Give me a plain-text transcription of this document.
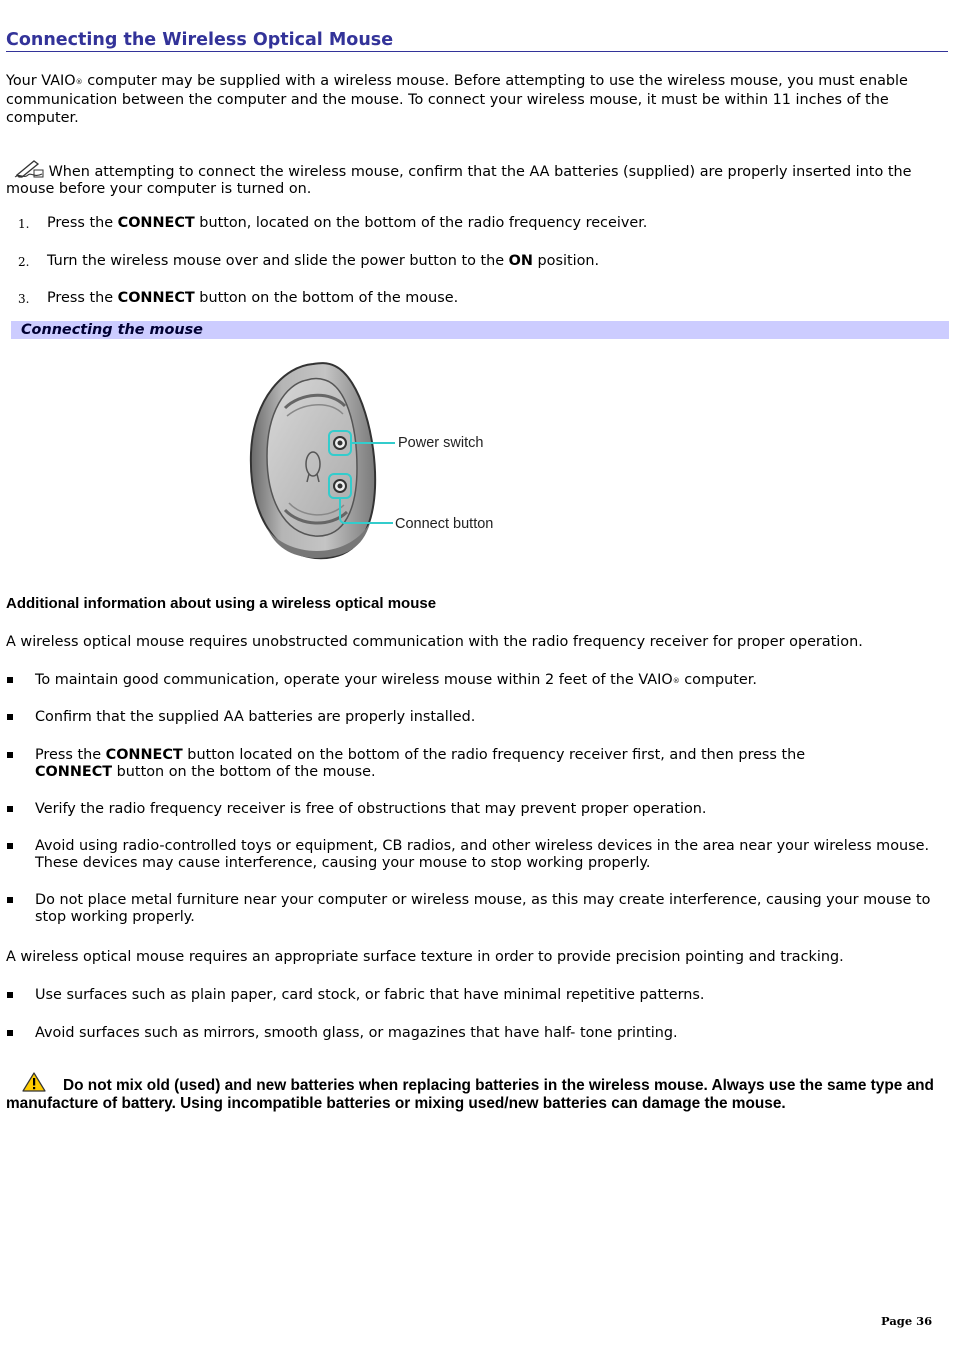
Connecting the Wireless Optical Mouse

Your VAIO® computer may be supplied with a wireless mouse. Before attempting to use the wireless mouse, you must enable communication between the computer and the mouse. To connect your wireless mouse, it must be within 11 inches of the computer.

When attempting to connect the wireless mouse, confirm that the AA batteries (supplied) are properly inserted into the mouse before your computer is turned on.

1. Press the CONNECT button, located on the bottom of the radio frequency receiver.
2. Turn the wireless mouse over and slide the power button to the ON position.
3. Press the CONNECT button on the bottom of the mouse.
Connecting the mouse
Power switch
Connect button
Additional information about using a wireless optical mouse

A wireless optical mouse requires unobstructed communication with the radio frequency receiver for proper operation.

To maintain good communication, operate your wireless mouse within 2 feet of the VAIO® computer.
Confirm that the supplied AA batteries are properly installed.
Press the CONNECT button located on the bottom of the radio frequency receiver first, and then press the
CONNECT button on the bottom of the mouse.
Verify the radio frequency receiver is free of obstructions that may prevent proper operation.
Avoid using radio-controlled toys or equipment, CB radios, and other wireless devices in the area near your wireless mouse. These devices may cause interference, causing your mouse to stop working properly.
Do not place metal furniture near your computer or wireless mouse, as this may create interference, causing your mouse to stop working properly.

A wireless optical mouse requires an appropriate surface texture in order to provide precision pointing and tracking.

Use surfaces such as plain paper, card stock, or fabric that have minimal repetitive patterns.
Avoid surfaces such as mirrors, smooth glass, or magazines that have half- tone printing.
Do not mix old (used) and new batteries when replacing batteries in the wireless mouse. Always use the same type and manufacture of battery. Using incompatible batteries or mixing used/new batteries can damage the mouse.
Page 36
